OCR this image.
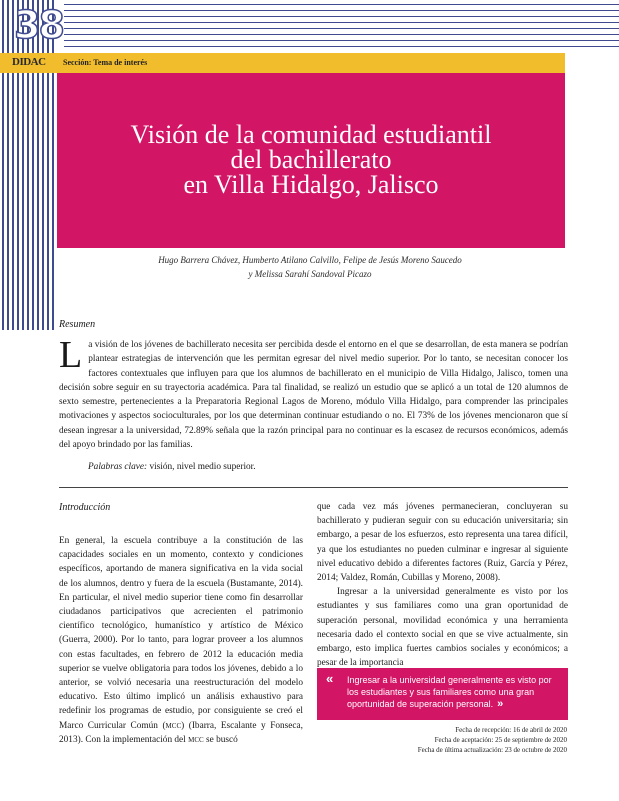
38
DIDAC Sección: Tema de interés
Visión de la comunidad estudiantil
del bachillerato
en Villa Hidalgo, Jalisco
Hugo Barrera Chávez, Humberto Atilano Calvillo, Felipe de Jesús Moreno Saucedo
y Melissa Sarahí Sandoval Picazo
Resumen
La visión de los jóvenes de bachillerato necesita ser percibida desde el entorno en el que se desarrollan, de esta manera se podrían plantear estrategias de intervención que les permitan egresar del nivel medio superior. Por lo tanto, se necesitan conocer los factores contextuales que influyen para que los alumnos de bachillerato en el municipio de Villa Hidalgo, Jalisco, tomen una decisión sobre seguir en su trayectoria académica. Para tal finalidad, se realizó un estudio que se aplicó a un total de 120 alumnos de sexto semestre, pertenecientes a la Preparatoria Regional Lagos de Moreno, módulo Villa Hidalgo, para comprender las principales motivaciones y aspectos socioculturales, por los que determinan continuar estudiando o no. El 73% de los jóvenes mencionaron que sí desean ingresar a la universidad, 72.89% señala que la razón principal para no continuar es la escasez de recursos económicos, además del apoyo brindado por las familias.
Palabras clave: visión, nivel medio superior.
Introducción

En general, la escuela contribuye a la constitución de las capacidades sociales en un momento, contexto y condiciones específicos, aportando de manera significativa en la vida social de los alumnos, dentro y fuera de la escuela (Bustamante, 2014). En particular, el nivel medio superior tiene como fin desarrollar ciudadanos participativos que acrecienten el patrimonio científico tecnológico, humanístico y artístico de México (Guerra, 2000). Por lo tanto, para lograr proveer a los alumnos con estas facultades, en febrero de 2012 la educación media superior se vuelve obligatoria para todos los jóvenes, debido a lo anterior, se volvió necesaria una reestructuración del modelo educativo. Esto último implicó un análisis exhaustivo para redefinir los programas de estudio, por consiguiente se creó el Marco Curricular Común (mcc) (Ibarra, Escalante y Fonseca, 2013). Con la implementación del mcc se buscó

que cada vez más jóvenes permanecieran, concluyeran su bachillerato y pudieran seguir con su educación universitaria; sin embargo, a pesar de los esfuerzos, esto representa una tarea difícil, ya que los estudiantes no pueden culminar e ingresar al siguiente nivel educativo debido a diferentes factores (Ruiz, García y Pérez, 2014; Valdez, Román, Cubillas y Moreno, 2008).

Ingresar a la universidad generalmente es visto por los estudiantes y sus familiares como una gran oportunidad de superación personal, movilidad económica y una herramienta necesaria dado el contexto social en que se vive actualmente, sin embargo, esto implica fuertes cambios sociales y económicos; a pesar de la importancia

« Ingresar a la universidad generalmente es visto por los estudiantes y sus familiares como una gran oportunidad de superación personal. »
Fecha de recepción: 16 de abril de 2020
Fecha de aceptación: 25 de septiembre de 2020
Fecha de última actualización: 23 de octubre de 2020
